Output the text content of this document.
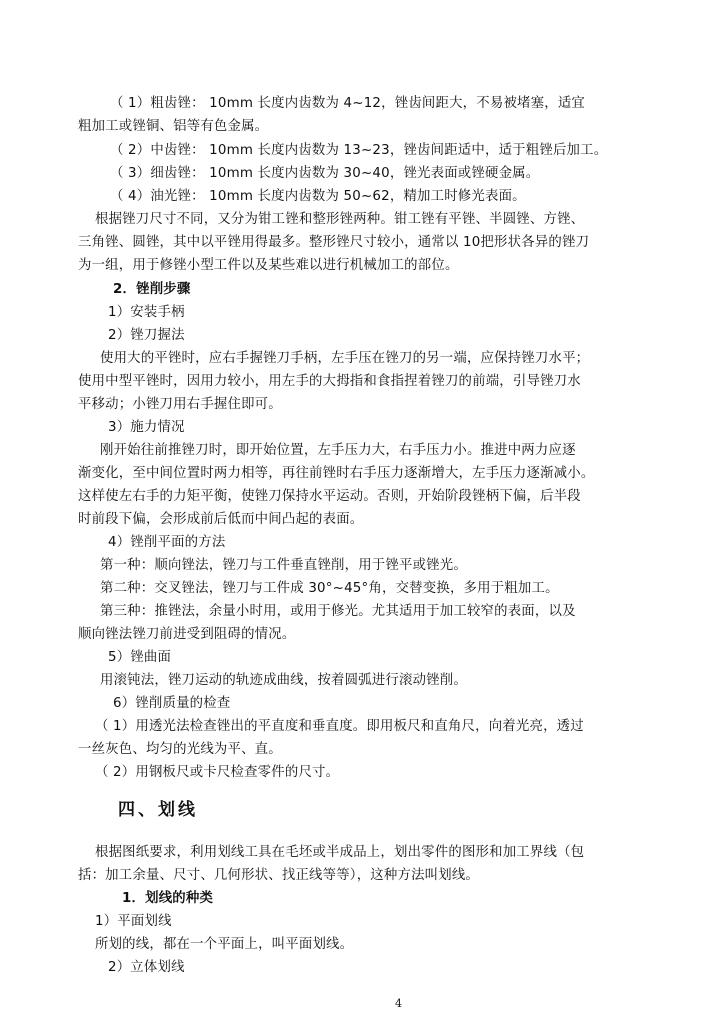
（ 1）粗齿锉： 10mm 长度内齿数为 4~12，锉齿间距大，不易被堵塞，适宜
粗加工或锉铜、铝等有色金属。
（ 2）中齿锉： 10mm 长度内齿数为 13~23，锉齿间距适中，适于粗锉后加工。
（ 3）细齿锉： 10mm 长度内齿数为 30~40，锉光表面或锉硬金属。
（ 4）油光锉： 10mm 长度内齿数为 50~62，精加工时修光表面。
根据锉刀尺寸不同，又分为钳工锉和整形锉两种。钳工锉有平锉、半圆锉、方锉、
三角锉、圆锉，其中以平锉用得最多。整形锉尺寸较小，通常以 10把形状各异的锉刀
为一组，用于修锉小型工件以及某些难以进行机械加工的部位。
2．锉削步骤
1）安装手柄
2）锉刀握法
使用大的平锉时，应右手握锉刀手柄，左手压在锉刀的另一端，应保持锉刀水平；
使用中型平锉时，因用力较小，用左手的大拇指和食指捏着锉刀的前端，引导锉刀水
平移动；小锉刀用右手握住即可。
3）施力情况
刚开始往前推锉刀时，即开始位置，左手压力大，右手压力小。推进中两力应逐
渐变化，至中间位置时两力相等，再往前锉时右手压力逐渐增大，左手压力逐渐减小。
这样使左右手的力矩平衡，使锉刀保持水平运动。否则，开始阶段锉柄下偏，后半段
时前段下偏，会形成前后低而中间凸起的表面。
4）锉削平面的方法
第一种：顺向锉法，锉刀与工件垂直锉削，用于锉平或锉光。
第二种：交叉锉法，锉刀与工件成 30°~45°角，交替变换，多用于粗加工。
第三种：推锉法，余量小时用，或用于修光。尤其适用于加工较窄的表面，以及
顺向锉法锉刀前进受到阻碍的情况。
5）锉曲面
用滚钝法，锉刀运动的轨迹成曲线，按着圆弧进行滚动锉削。
6）锉削质量的检查
（ 1）用透光法检查锉出的平直度和垂直度。即用板尺和直角尺，向着光亮，透过
一丝灰色、均匀的光线为平、直。
（ 2）用钢板尺或卡尺检查零件的尺寸。
四、划线
根据图纸要求，利用划线工具在毛坯或半成品上，划出零件的图形和加工界线（包
括：加工余量、尺寸、几何形状、找正线等等），这种方法叫划线。
1．划线的种类
1）平面划线
所划的线，都在一个平面上，叫平面划线。
2）立体划线
4
